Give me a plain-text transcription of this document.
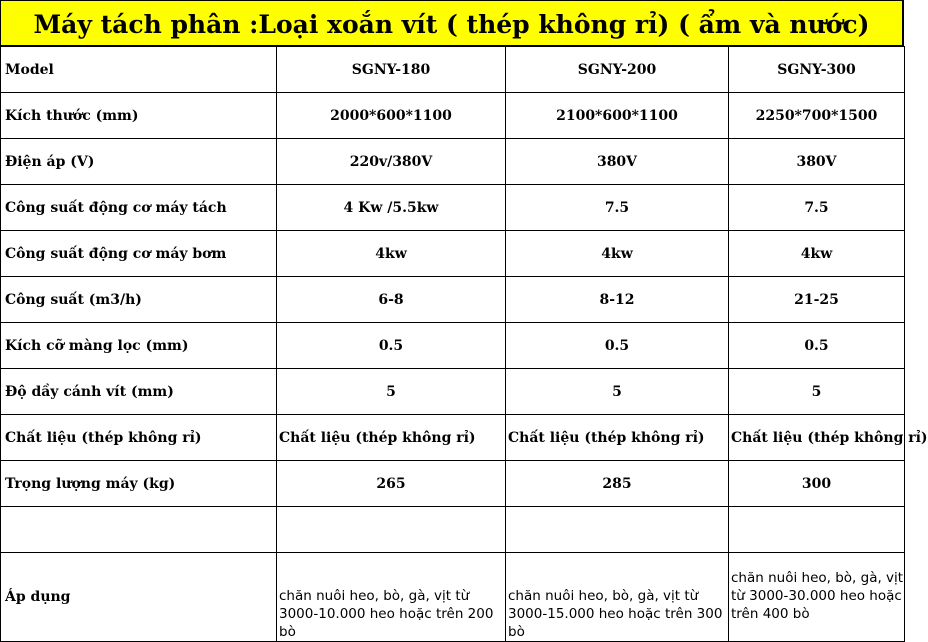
Máy tách phân :Loại xoắn vít ( thép không rỉ) ( ẩm và nước)
Model	SGNY-180	SGNY-200	SGNY-300
Kích thước (mm)	2000*600*1100	2100*600*1100	2250*700*1500
Điện áp (V)	220v/380V	380V	380V
Công suất động cơ máy tách	4 Kw /5.5kw	7.5	7.5
Công suất động cơ máy bơm	4kw	4kw	4kw
Công suất (m3/h)	6-8	8-12	21-25
Kích cỡ màng lọc (mm)	0.5	0.5	0.5
Độ dầy cánh vít (mm)	5	5	5
Chất liệu (thép không rỉ)	Chất liệu (thép không rỉ)	Chất liệu (thép không rỉ)	Chất liệu (thép không rỉ)
Trọng lượng máy (kg)	265	285	300

Áp dụng	chăn nuôi heo, bò, gà, vịt từ 3000-10.000 heo hoặc trên 200 bò	chăn nuôi heo, bò, gà, vịt từ 3000-15.000 heo hoặc trên 300 bò	chăn nuôi heo, bò, gà, vịt từ 3000-30.000 heo hoặc trên 400 bò
